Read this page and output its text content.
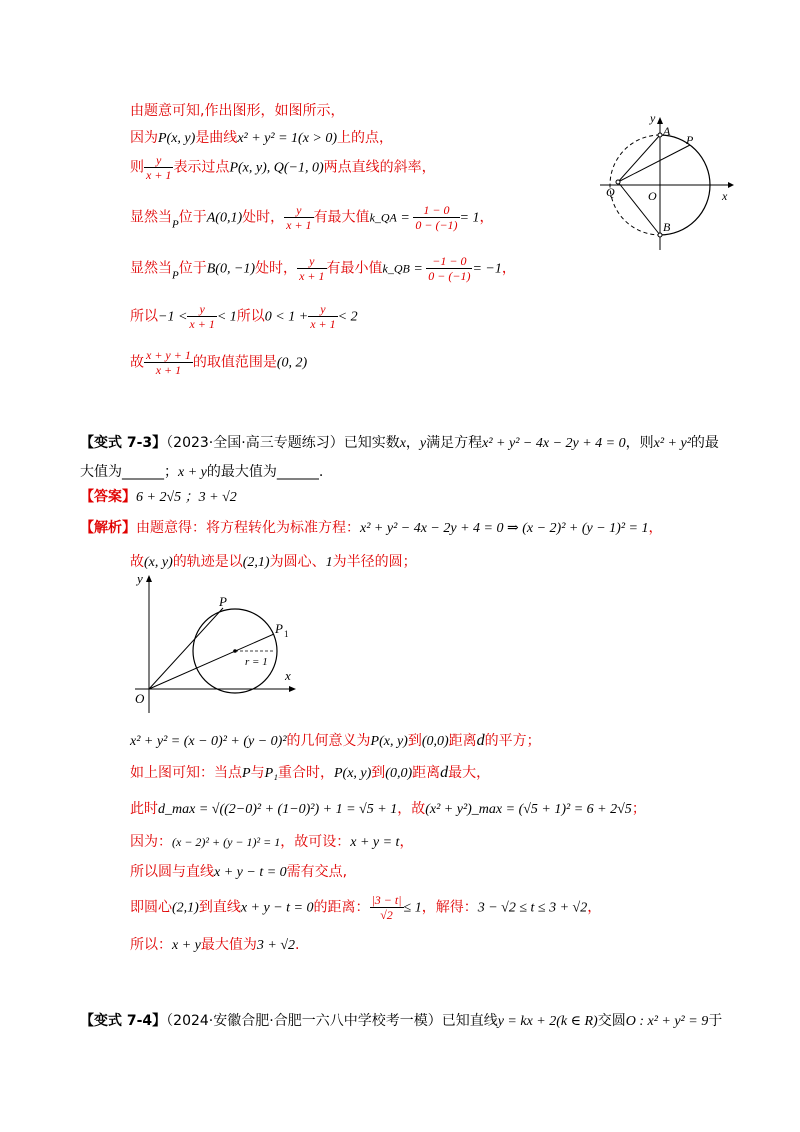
由题意可知,作出图形，如图所示，
因为P(x, y)是曲线x² + y² = 1(x > 0)上的点，
则 $\frac{y}{x + 1}$ 表示过点P(x, y), Q(−1, 0)两点直线的斜率，
显然当$_P$位于A(0,1)处时， $\frac{y}{x + 1}$ 有最大值k_QA = $\frac{1 - 0}{0 - (-1)} = 1$，
显然当$_P$位于B(0, −1)处时， $\frac{y}{x + 1}$ 有最小值k_QB = $\frac{-1 - 0}{0 - (-1)} = -1$，
所以$-1 < \frac{y}{x + 1} < 1$所以$0 < 1 + \frac{y}{x + 1} < 2$
故 $\frac{x + y + 1}{x + 1}$ 的取值范围是(0, 2)
y
x
A
P
Q	O
B
【变式 7-3】（2023·全国·高三专题练习）已知实数x，y满足方程x² + y² − 4x − 2y + 4 = 0，则x² + y²的最
大值为______；x + y的最大值为______.
【答案】6 + 2√5 ；3 + √2
【解析】由题意得：将方程转化为标准方程：x² + y² − 4x − 2y + 4 = 0 ⇒ (x − 2)² + (y − 1)² = 1，
故(x, y)的轨迹是以(2,1)为圆心、1为半径的圆；
y
x
O
P
P 1
r = 1
x² + y² = (x − 0)² + (y − 0)²的几何意义为P(x, y)到(0,0)距离d的平方；
如上图可知：当点P与P₁重合时，P(x, y)到(0,0)距离d最大，
此时d_max = √((2−0)² + (1−0)²) + 1 = √5 + 1，故(x² + y²)_max = (√5 + 1)² = 6 + 2√5；
因为：(x − 2)² + (y − 1)² = 1，故可设：x + y = t，
所以圆与直线x + y − t = 0需有交点,
即圆心(2,1)到直线x + y − t = 0的距离： $\frac{|3 - t|}{√2} \le 1$，解得：3 − √2 ≤ t ≤ 3 + √2，
所以：x + y最大值为3 + √2.
【变式 7-4】（2024·安徽合肥·合肥一六八中学校考一模）已知直线y = kx + 2(k ∈ R)交圆O : x² + y² = 9于
